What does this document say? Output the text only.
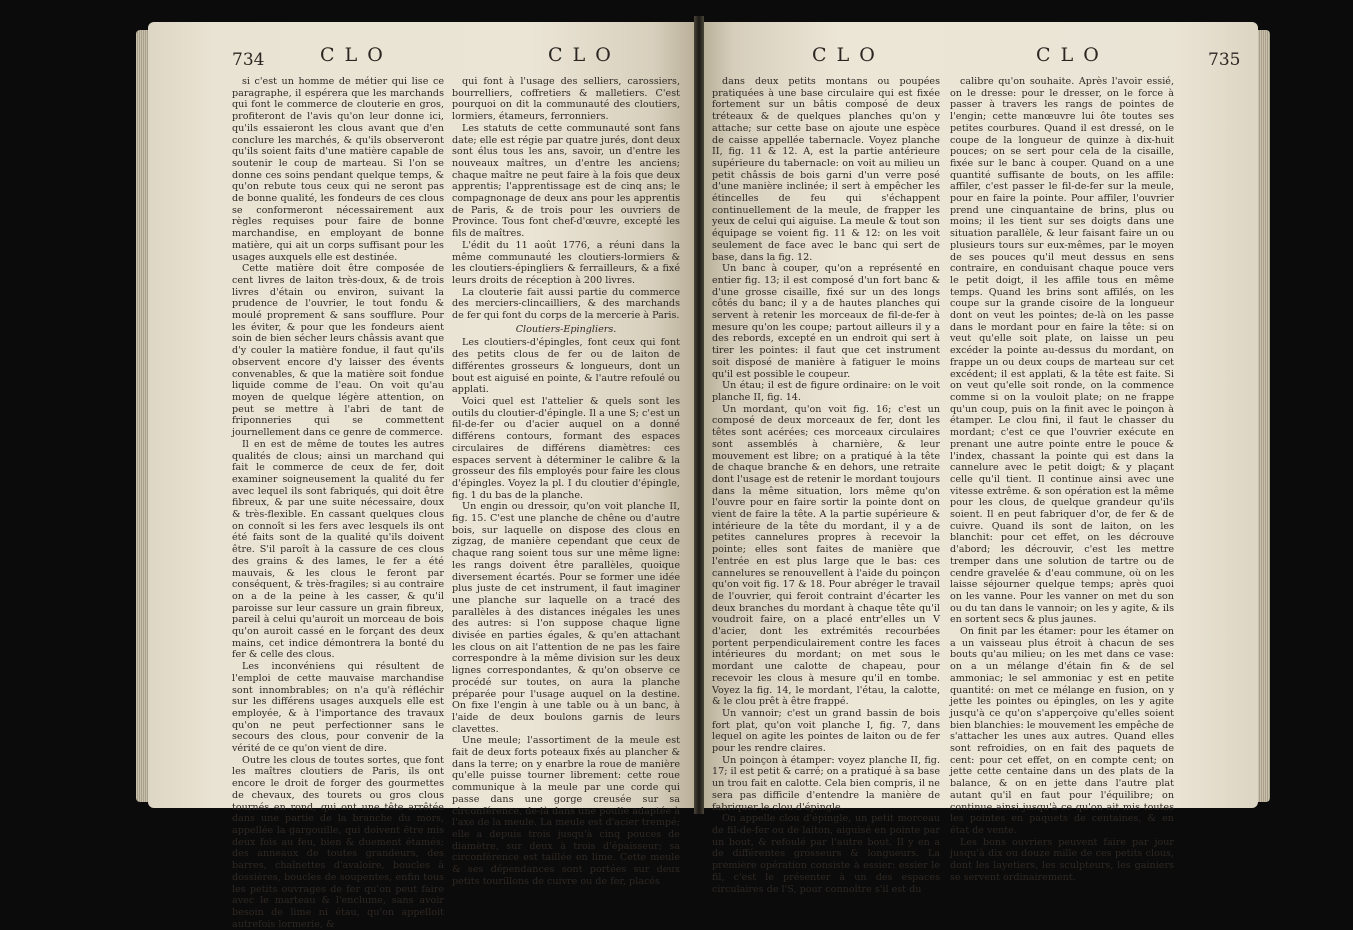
734	C L O	C L O	C L O	C L O	735

si c'est un homme de métier qui lise ce paragraphe, il espérera que les marchands qui font le commerce de clouterie en gros, profiteront de l'avis qu'on leur donne ici, qu'ils essaieront les clous avant que d'en conclure les marchés, & qu'ils observeront qu'ils soient faits d'une matière capable de soutenir le coup de marteau. Si l'on se donne ces soins pendant quelque temps, & qu'on rebute tous ceux qui ne seront pas de bonne qualité, les fondeurs de ces clous se conformeront nécessairement aux règles requises pour faire de bonne marchandise, en employant de bonne matière, qui ait un corps suffisant pour les usages auxquels elle est destinée.

Cette matière doit être composée de cent livres de laiton très-doux, & de trois livres d'étain ou environ, suivant la prudence de l'ouvrier, le tout fondu & moulé proprement & sans soufflure. Pour les éviter, & pour que les fondeurs aient soin de bien sécher leurs châssis avant que d'y couler la matière fondue, il faut qu'ils observent encore d'y laisser des évents convenables, & que la matière soit fondue liquide comme de l'eau. On voit qu'au moyen de quelque légère attention, on peut se mettre à l'abri de tant de friponneries qui se commettent journellement dans ce genre de commerce.

Il en est de même de toutes les autres qualités de clous; ainsi un marchand qui fait le commerce de ceux de fer, doit examiner soigneusement la qualité du fer avec lequel ils sont fabriqués, qui doit être fibreux, & par une suite nécessaire, doux & très-flexible. En cassant quelques clous on connoît si les fers avec lesquels ils ont été faits sont de la qualité qu'ils doivent être. S'il paroît à la cassure de ces clous des grains & des lames, le fer a été mauvais, & les clous le feront par conséquent, & très-fragiles; si au contraire on a de la peine à les casser, & qu'il paroisse sur leur cassure un grain fibreux, pareil à celui qu'auroit un morceau de bois qu'on auroit cassé en le forçant des deux mains, cet indice démontrera la bonté du fer & celle des clous.

Les inconvéniens qui résultent de l'emploi de cette mauvaise marchandise sont innombrables; on n'a qu'à réfléchir sur les différens usages auxquels elle est employée, & à l'importance des travaux qu'on ne peut perfectionner sans le secours des clous, pour convenir de la vérité de ce qu'on vient de dire.

Outre les clous de toutes sortes, que font les maîtres cloutiers de Paris, ils ont encore le droit de forger des gourmettes de chevaux, des tourets ou gros clous tournés en rond, qui ont une tête arrêtée dans une partie de la branche du mors, appellée la gargouille, qui doivent être mis deux fois au feu, bien & duement étamés; des anneaux de toutes grandeurs, des barres, chaînettes d'avaloire, boucles à dossières, boucles de soupentes, enfin tous les petits ouvrages de fer qu'on peut faire avec le marteau & l'enclume, sans avoir besoin de lime ni étau, qu'on appelloit autrefois lormerie, &

qui font à l'usage des selliers, carossiers, bourrelliers, coffretiers & malletiers. C'est pourquoi on dit la communauté des cloutiers, lormiers, étameurs, ferronniers.

Les statuts de cette communauté sont fans date; elle est régie par quatre jurés, dont deux sont élus tous les ans, savoir, un d'entre les nouveaux maîtres, un d'entre les anciens; chaque maître ne peut faire à la fois que deux apprentis; l'apprentissage est de cinq ans; le compagnonage de deux ans pour les apprentis de Paris, & de trois pour les ouvriers de Province. Tous font chef-d'œuvre, excepté les fils de maîtres.

L'édit du 11 août 1776, a réuni dans la même communauté les cloutiers-lormiers & les cloutiers-épingliers & ferrailleurs, & a fixé leurs droits de réception à 200 livres.

La clouterie fait aussi partie du commerce des merciers-clincailliers, & des marchands de fer qui font du corps de la mercerie à Paris.

Cloutiers-Epingliers.

Les cloutiers-d'épingles, font ceux qui font des petits clous de fer ou de laiton de différentes grosseurs & longueurs, dont un bout est aiguisé en pointe, & l'autre refoulé ou applati.

Voici quel est l'attelier & quels sont les outils du cloutier-d'épingle. Il a une S; c'est un fil-de-fer ou d'acier auquel on a donné différens contours, formant des espaces circulaires de différens diamètres: ces espaces servent à déterminer le calibre & la grosseur des fils employés pour faire les clous d'épingles. Voyez la pl. I du cloutier d'épingle, fig. 1 du bas de la planche.

Un engin ou dressoir, qu'on voit planche II, fig. 15. C'est une planche de chêne ou d'autre bois, sur laquelle on dispose des clous en zigzag, de manière cependant que ceux de chaque rang soient tous sur une même ligne: les rangs doivent être parallèles, quoique diversement écartés. Pour se former une idée plus juste de cet instrument, il faut imaginer une planche sur laquelle on a tracé des parallèles à des distances inégales les unes des autres: si l'on suppose chaque ligne divisée en parties égales, & qu'en attachant les clous on ait l'attention de ne pas les faire correspondre à la même division sur les deux lignes correspondantes, & qu'on observe ce procédé sur toutes, on aura la planche préparée pour l'usage auquel on la destine. On fixe l'engin à une table ou à un banc, à l'aide de deux boulons garnis de leurs clavettes.

Une meule; l'assortiment de la meule est fait de deux forts poteaux fixés au plancher & dans la terre; on y enarbre la roue de manière qu'elle puisse tourner librement: cette roue communique à la meule par une corde qui passe dans une gorge creusée sur sa circonférence, de-là dans une poulie adaptée à l'axe de la meule. La meule est d'acier trempé; elle a depuis trois jusqu'à cinq pouces de diamètre, sur deux à trois d'épaisseur; sa circonférence est taillée en lime. Cette meule & ses dépendances sont portées sur deux petits tourillons de cuivre ou de fer, placés

dans deux petits montans ou poupées pratiquées à une base circulaire qui est fixée fortement sur un bâtis composé de deux tréteaux & de quelques planches qu'on y attache; sur cette base on ajoute une espèce de caisse appellée tabernacle. Voyez planche II, fig. 11 & 12. A, est la partie antérieure supérieure du tabernacle: on voit au milieu un petit châssis de bois garni d'un verre posé d'une manière inclinée; il sert à empêcher les étincelles de feu qui s'échappent continuellement de la meule, de frapper les yeux de celui qui aiguise. La meule & tout son équipage se voient fig. 11 & 12: on les voit seulement de face avec le banc qui sert de base, dans la fig. 12.

Un banc à couper, qu'on a représenté en entier fig. 13; il est composé d'un fort banc & d'une grosse cisaille, fixé sur un des longs côtés du banc; il y a de hautes planches qui servent à retenir les morceaux de fil-de-fer à mesure qu'on les coupe; partout ailleurs il y a des rebords, excepté en un endroit qui sert à tirer les pointes: il faut que cet instrument soit disposé de manière à fatiguer le moins qu'il est possible le coupeur.

Un étau; il est de figure ordinaire: on le voit planche II, fig. 14.

Un mordant, qu'on voit fig. 16; c'est un composé de deux morceaux de fer, dont les têtes sont acérées; ces morceaux circulaires sont assemblés à charnière, & leur mouvement est libre; on a pratiqué à la tête de chaque branche & en dehors, une retraite dont l'usage est de retenir le mordant toujours dans la même situation, lors même qu'on l'ouvre pour en faire sortir la pointe dont on vient de faire la tête. A la partie supérieure & intérieure de la tête du mordant, il y a de petites cannelures propres à recevoir la pointe; elles sont faites de manière que l'entrée en est plus large que le bas: ces cannelures se renouvellent à l'aide du poinçon qu'on voit fig. 17 & 18. Pour abréger le travail de l'ouvrier, qui feroit contraint d'écarter les deux branches du mordant à chaque tête qu'il voudroit faire, on a placé entr'elles un V d'acier, dont les extrémités recourbées portent perpendiculairement contre les faces intérieures du mordant; on met sous le mordant une calotte de chapeau, pour recevoir les clous à mesure qu'il en tombe. Voyez la fig. 14, le mordant, l'étau, la calotte, & le clou prêt à être frappé.

Un vannoir; c'est un grand bassin de bois fort plat, qu'on voit planche I, fig. 7, dans lequel on agite les pointes de laiton ou de fer pour les rendre claires.

Un poinçon à étamper: voyez planche II, fig. 17; il est petit & carré; on a pratiqué à sa base un trou fait en calotte. Cela bien compris, il ne sera pas difficile d'entendre la manière de fabriquer le clou d'épingle.

On appelle clou d'épingle, un petit morceau de fil-de-fer ou de laiton, aiguisé en pointe par un bout, & refoulé par l'autre bout. Il y en a de différentes grosseurs & longueurs. La première opération consiste à essier: essier le fil, c'est le présenter à un des espaces circulaires de l'S, pour connoître s'il est du

calibre qu'on souhaite. Après l'avoir essié, on le dresse: pour le dresser, on le force à passer à travers les rangs de pointes de l'engin; cette manœuvre lui ôte toutes ses petites courbures. Quand il est dressé, on le coupe de la longueur de quinze à dix-huit pouces; on se sert pour cela de la cisaille, fixée sur le banc à couper. Quand on a une quantité suffisante de bouts, on les affile: affiler, c'est passer le fil-de-fer sur la meule, pour en faire la pointe. Pour affiler, l'ouvrier prend une cinquantaine de brins, plus ou moins; il les tient sur ses doigts dans une situation parallèle, & leur faisant faire un ou plusieurs tours sur eux-mêmes, par le moyen de ses pouces qu'il meut dessus en sens contraire, en conduisant chaque pouce vers le petit doigt, il les affile tous en même temps. Quand les brins sont affilés, on les coupe sur la grande cisoire de la longueur dont on veut les pointes; de-là on les passe dans le mordant pour en faire la tête: si on veut qu'elle soit plate, on laisse un peu excéder la pointe au-dessus du mordant, on frappe un ou deux coups de marteau sur cet excédent; il est applati, & la tête est faite. Si on veut qu'elle soit ronde, on la commence comme si on la vouloit plate; on ne frappe qu'un coup, puis on la finit avec le poinçon à étamper. Le clou fini, il faut le chasser du mordant; c'est ce que l'ouvrier exécute en prenant une autre pointe entre le pouce & l'index, chassant la pointe qui est dans la cannelure avec le petit doigt; & y plaçant celle qu'il tient. Il continue ainsi avec une vitesse extrême. & son opération est la même pour les clous, de quelque grandeur qu'ils soient. Il en peut fabriquer d'or, de fer & de cuivre. Quand ils sont de laiton, on les blanchit: pour cet effet, on les décrouve d'abord; les décrouvir, c'est les mettre tremper dans une solution de tartre ou de cendre gravelée & d'eau commune, où on les laisse séjourner quelque temps; après quoi on les vanne. Pour les vanner on met du son ou du tan dans le vannoir; on les y agite, & ils en sortent secs & plus jaunes.

On finit par les étamer: pour les étamer on a un vaisseau plus étroit à chacun de ses bouts qu'au milieu; on les met dans ce vase: on a un mélange d'étain fin & de sel ammoniac; le sel ammoniac y est en petite quantité: on met ce mélange en fusion, on y jette les pointes ou épingles, on les y agite jusqu'à ce qu'on s'apperçoive qu'elles soient bien blanchies: le mouvement les empêche de s'attacher les unes aux autres. Quand elles sont refroidies, on en fait des paquets de cent: pour cet effet, on en compte cent; on jette cette centaine dans un des plats de la balance, & on en jette dans l'autre plat autant qu'il en faut pour l'équilibre; on continue ainsi jusqu'à ce qu'on ait mis toutes les pointes en paquets de centaines, & en état de vente.

Les bons ouvriers peuvent faire par jour jusqu'à dix ou douze mille de ces petits clous, dont les layetiers, les sculpteurs, les gainiers se servent ordinairement.
